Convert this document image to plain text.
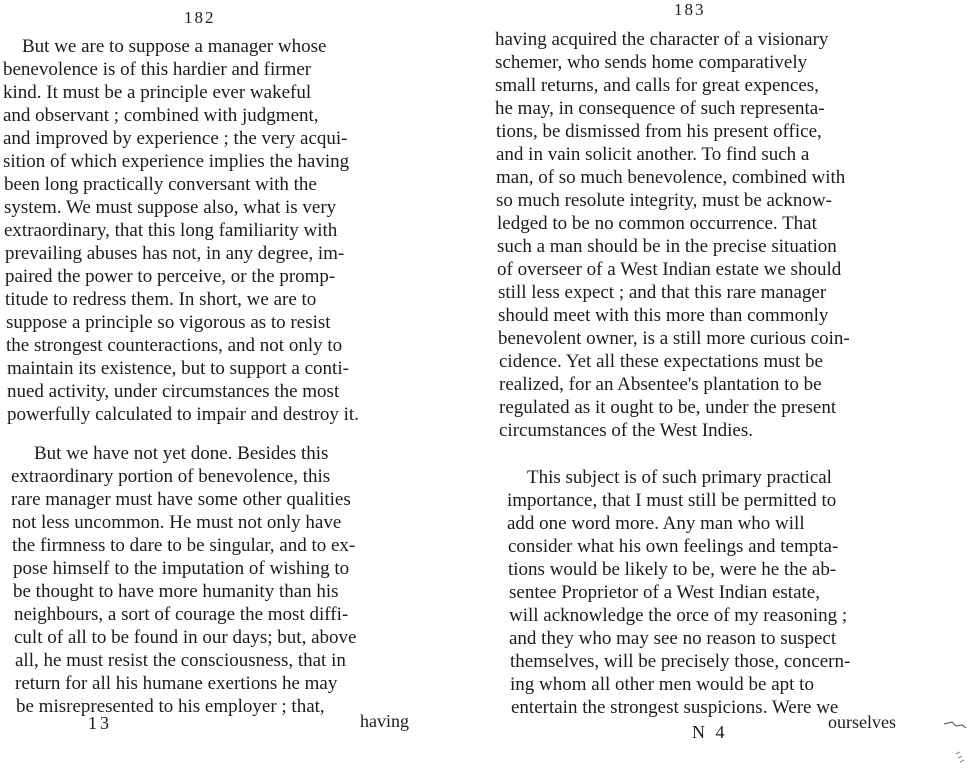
182

But we are to suppose a manager whose

benevolence is of this hardier and firmer

kind. It must be a principle ever wakeful

and observant ; combined with judgment,

and improved by experience ; the very acqui-

sition of which experience implies the having

been long practically conversant with the

system. We must suppose also, what is very

extraordinary, that this long familiarity with

prevailing abuses has not, in any degree, im-

paired the power to perceive, or the promp-

titude to redress them. In short, we are to

suppose a principle so vigorous as to resist

the strongest counteractions, and not only to

maintain its existence, but to support a conti-

nued activity, under circumstances the most

powerfully calculated to impair and destroy it.

But we have not yet done. Besides this

extraordinary portion of benevolence, this

rare manager must have some other qualities

not less uncommon. He must not only have

the firmness to dare to be singular, and to ex-

pose himself to the imputation of wishing to

be thought to have more humanity than his

neighbours, a sort of courage the most diffi-

cult of all to be found in our days; but, above

all, he must resist the consciousness, that in

return for all his humane exertions he may

be misrepresented to his employer ; that,

13	having

183

having acquired the character of a visionary

schemer, who sends home comparatively

small returns, and calls for great expences,

he may, in consequence of such representa-

tions, be dismissed from his present office,

and in vain solicit another. To find such a

man, of so much benevolence, combined with

so much resolute integrity, must be acknow-

ledged to be no common occurrence. That

such a man should be in the precise situation

of overseer of a West Indian estate we should

still less expect ; and that this rare manager

should meet with this more than commonly

benevolent owner, is a still more curious coin-

cidence. Yet all these expectations must be

realized, for an Absentee's plantation to be

regulated as it ought to be, under the present

circumstances of the West Indies.

This subject is of such primary practical

importance, that I must still be permitted to

add one word more. Any man who will

consider what his own feelings and tempta-

tions would be likely to be, were he the ab-

sentee Proprietor of a West Indian estate,

will acknowledge the orce of my reasoning ;

and they who may see no reason to suspect

themselves, will be precisely those, concern-

ing whom all other men would be apt to

entertain the strongest suspicions. Were we

N 4	ourselves
